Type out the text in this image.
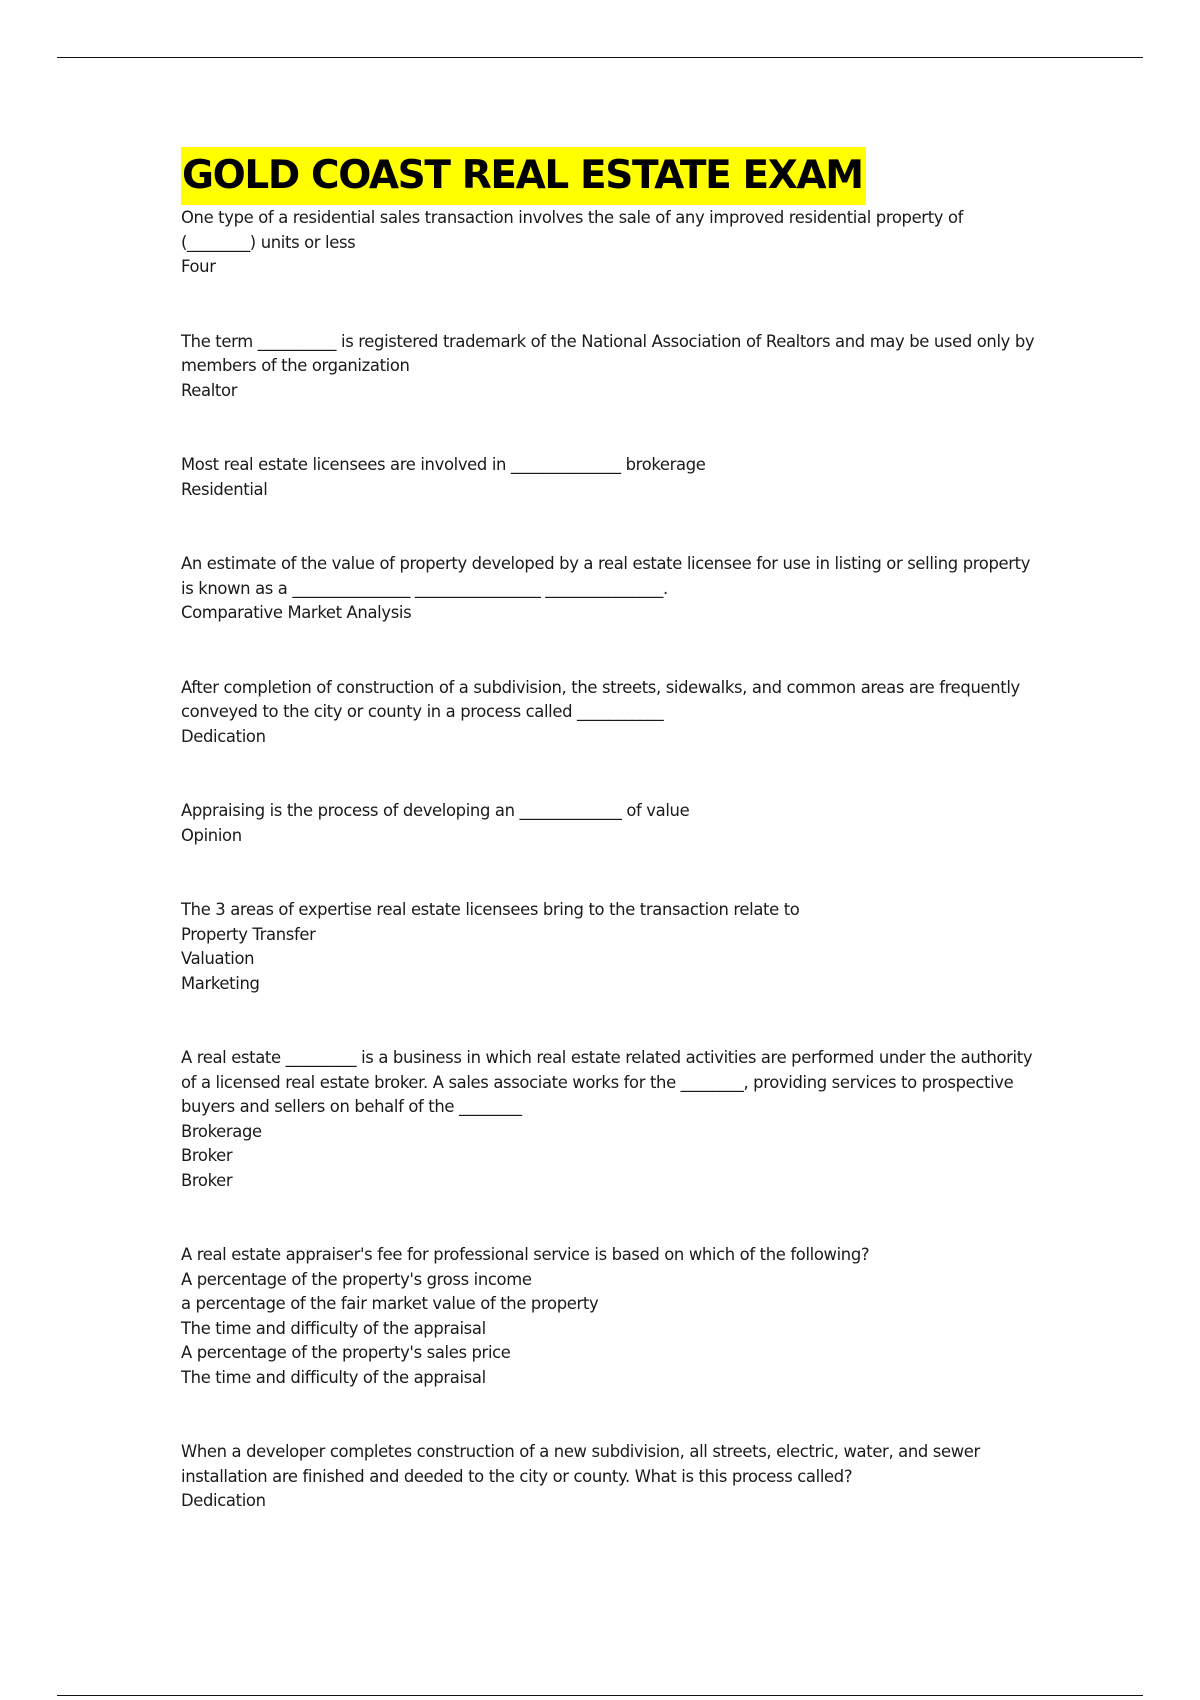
GOLD COAST REAL ESTATE EXAM

One type of a residential sales transaction involves the sale of any improved residential property of (________) units or less

Four

The term __________ is registered trademark of the National Association of Realtors and may be used only by members of the organization

Realtor

Most real estate licensees are involved in ______________ brokerage

Residential

An estimate of the value of property developed by a real estate licensee for use in listing or selling property is known as a _______________ ________________ _______________.

Comparative Market Analysis

After completion of construction of a subdivision, the streets, sidewalks, and common areas are frequently conveyed to the city or county in a process called ___________

Dedication

Appraising is the process of developing an _____________ of value

Opinion

The 3 areas of expertise real estate licensees bring to the transaction relate to

Property Transfer

Valuation

Marketing

A real estate _________ is a business in which real estate related activities are performed under the authority of a licensed real estate broker. A sales associate works for the ________, providing services to prospective buyers and sellers on behalf of the ________

Brokerage

Broker

Broker

A real estate appraiser's fee for professional service is based on which of the following?

A percentage of the property's gross income

a percentage of the fair market value of the property

The time and difficulty of the appraisal

A percentage of the property's sales price

The time and difficulty of the appraisal

When a developer completes construction of a new subdivision, all streets, electric, water, and sewer installation are finished and deeded to the city or county. What is this process called?

Dedication
